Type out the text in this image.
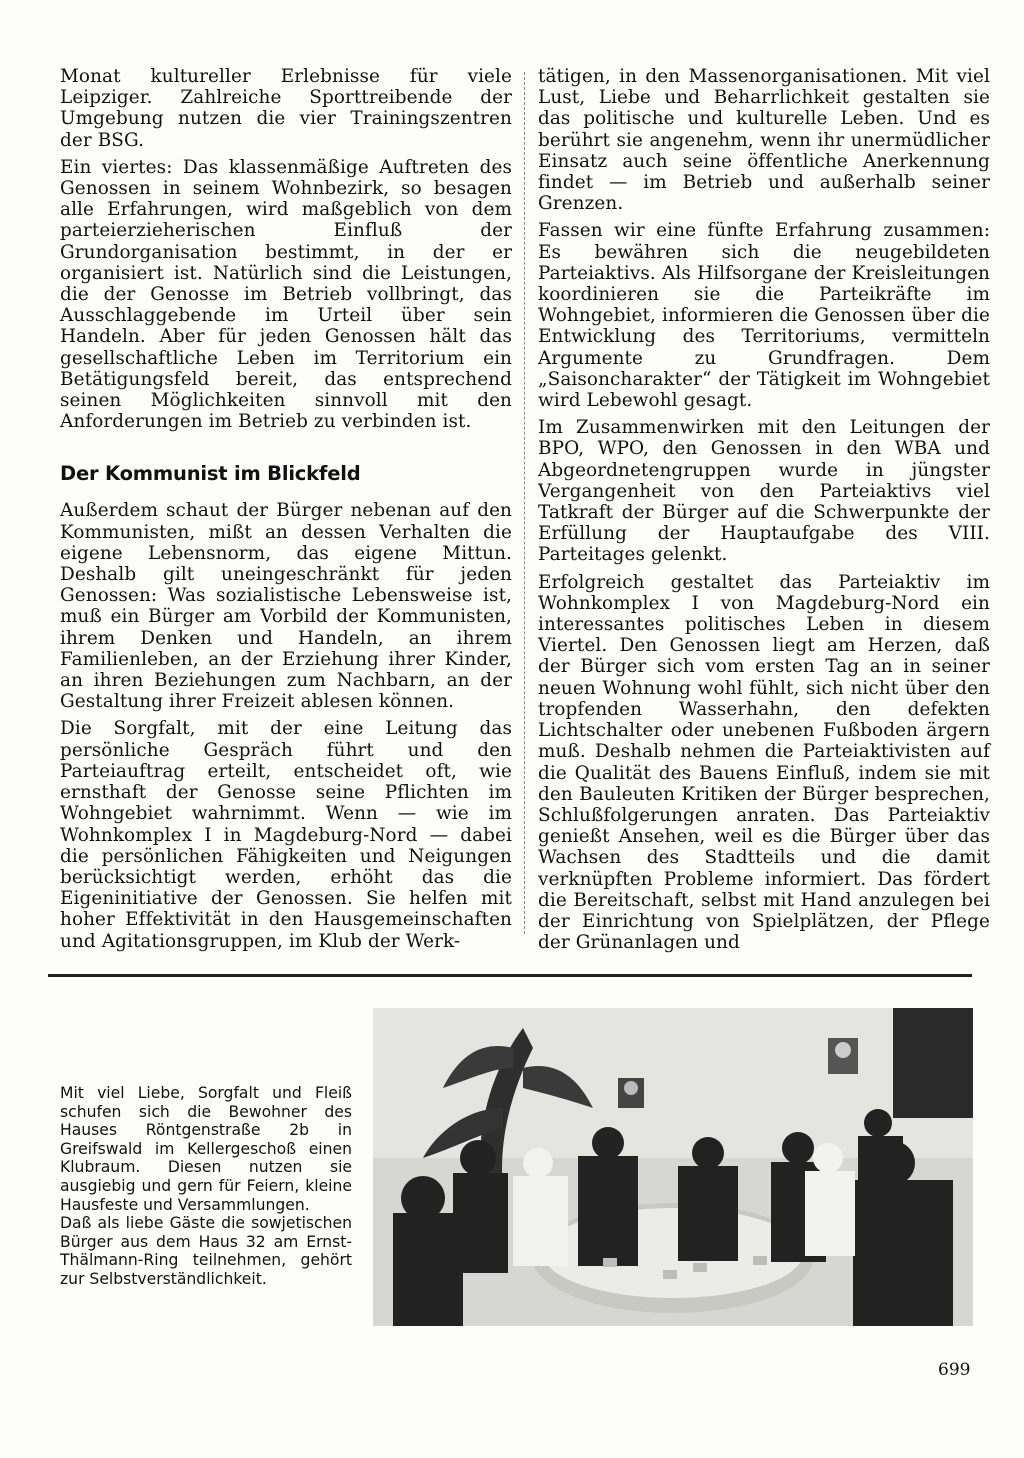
Monat kultureller Erlebnisse für viele Leipziger. Zahlreiche Sporttreibende der Umgebung nutzen die vier Trainingszentren der BSG.

Ein viertes: Das klassenmäßige Auftreten des Genossen in seinem Wohnbezirk, so besagen alle Erfahrungen, wird maßgeblich von dem parteierzieherischen Einfluß der Grundorganisation bestimmt, in der er organisiert ist. Natürlich sind die Leistungen, die der Genosse im Betrieb vollbringt, das Ausschlaggebende im Urteil über sein Handeln. Aber für jeden Genossen hält das gesellschaftliche Leben im Territorium ein Betätigungsfeld bereit, das entsprechend seinen Möglichkeiten sinnvoll mit den Anforderungen im Betrieb zu verbinden ist.

Der Kommunist im Blickfeld

Außerdem schaut der Bürger nebenan auf den Kommunisten, mißt an dessen Verhalten die eigene Lebensnorm, das eigene Mittun. Deshalb gilt uneingeschränkt für jeden Genossen: Was sozialistische Lebensweise ist, muß ein Bürger am Vorbild der Kommunisten, ihrem Denken und Handeln, an ihrem Familienleben, an der Erziehung ihrer Kinder, an ihren Beziehungen zum Nachbarn, an der Gestaltung ihrer Freizeit ablesen können.

Die Sorgfalt, mit der eine Leitung das persönliche Gespräch führt und den Parteiauftrag erteilt, entscheidet oft, wie ernsthaft der Genosse seine Pflichten im Wohngebiet wahrnimmt. Wenn — wie im Wohnkomplex I in Magdeburg-Nord — dabei die persönlichen Fähigkeiten und Neigungen berücksichtigt werden, erhöht das die Eigeninitiative der Genossen. Sie helfen mit hoher Effektivität in den Hausgemeinschaften und Agitationsgruppen, im Klub der Werk-

tätigen, in den Massenorganisationen. Mit viel Lust, Liebe und Beharrlichkeit gestalten sie das politische und kulturelle Leben. Und es berührt sie angenehm, wenn ihr unermüdlicher Einsatz auch seine öffentliche Anerkennung findet — im Betrieb und außerhalb seiner Grenzen.

Fassen wir eine fünfte Erfahrung zusammen: Es bewähren sich die neugebildeten Parteiaktivs. Als Hilfsorgane der Kreisleitungen koordinieren sie die Parteikräfte im Wohngebiet, informieren die Genossen über die Entwicklung des Territoriums, vermitteln Argumente zu Grundfragen. Dem „Saisoncharakter“ der Tätigkeit im Wohngebiet wird Lebewohl gesagt.

Im Zusammenwirken mit den Leitungen der BPO, WPO, den Genossen in den WBA und Abgeordnetengruppen wurde in jüngster Vergangenheit von den Parteiaktivs viel Tatkraft der Bürger auf die Schwerpunkte der Erfüllung der Hauptaufgabe des VIII. Parteitages gelenkt.

Erfolgreich gestaltet das Parteiaktiv im Wohnkomplex I von Magdeburg-Nord ein interessantes politisches Leben in diesem Viertel. Den Genossen liegt am Herzen, daß der Bürger sich vom ersten Tag an in seiner neuen Wohnung wohl fühlt, sich nicht über den tropfenden Wasserhahn, den defekten Lichtschalter oder unebenen Fußboden ärgern muß. Deshalb nehmen die Parteiaktivisten auf die Qualität des Bauens Einfluß, indem sie mit den Bauleuten Kritiken der Bürger besprechen, Schlußfolgerungen anraten. Das Parteiaktiv genießt Ansehen, weil es die Bürger über das Wachsen des Stadtteils und die damit verknüpften Probleme informiert. Das fördert die Bereitschaft, selbst mit Hand anzulegen bei der Einrichtung von Spielplätzen, der Pflege der Grünanlagen und

Mit viel Liebe, Sorgfalt und Fleiß schufen sich die Bewohner des Hauses Röntgenstraße 2b in Greifswald im Kellergeschoß einen Klubraum. Diesen nutzen sie ausgiebig und gern für Feiern, kleine Hausfeste und Versammlungen.

Daß als liebe Gäste die sowjetischen Bürger aus dem Haus 32 am Ernst-Thälmann-Ring teilnehmen, gehört zur Selbstverständlichkeit.

699
